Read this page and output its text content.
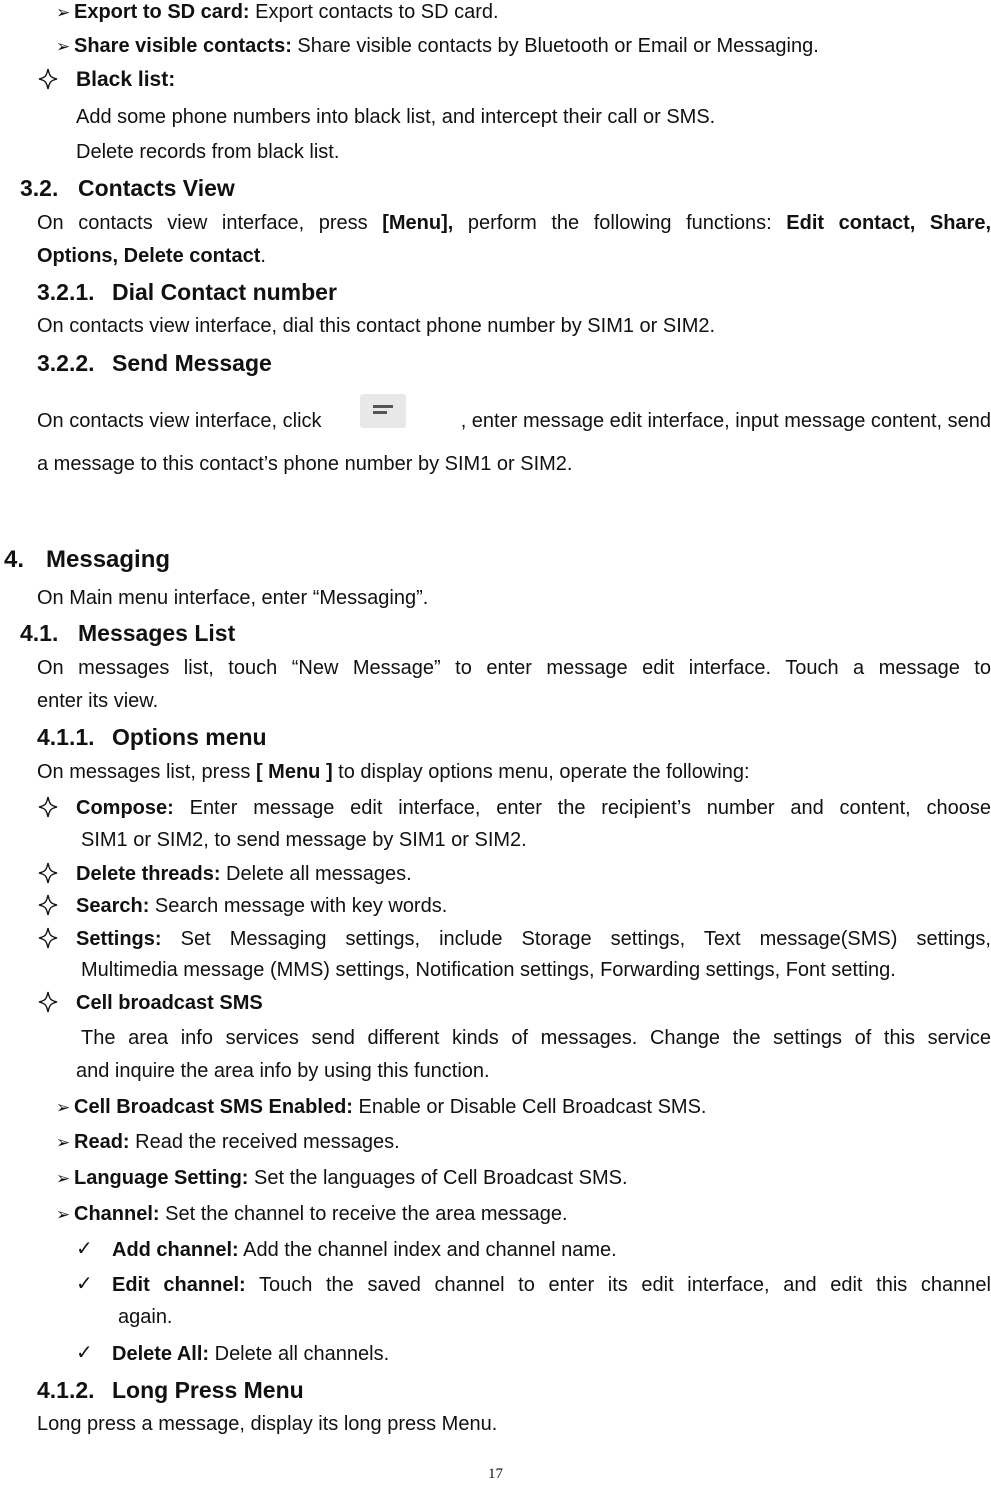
➢ Export to SD card: Export contacts to SD card.
➢ Share visible contacts: Share visible contacts by Bluetooth or Email or Messaging.
Black list:
Add some phone numbers into black list, and intercept their call or SMS.
Delete records from black list.
3.2. Contacts View
On contacts view interface, press [Menu], perform the following functions: Edit contact, Share,
Options, Delete contact.
3.2.1. Dial Contact number
On contacts view interface, dial this contact phone number by SIM1 or SIM2.
3.2.2. Send Message
On contacts view interface, click	, enter message edit interface, input message content, send
a message to this contact’s phone number by SIM1 or SIM2.
4. Messaging
On Main menu interface, enter “Messaging”.
4.1. Messages List
On messages list, touch “New Message” to enter message edit interface. Touch a message to
enter its view.
4.1.1. Options menu
On messages list, press [ Menu ] to display options menu, operate the following:
Compose: Enter message edit interface, enter the recipient’s number and content, choose
SIM1 or SIM2, to send message by SIM1 or SIM2.
Delete threads: Delete all messages.
Search: Search message with key words.
Settings: Set Messaging settings, include Storage settings, Text message(SMS) settings,
Multimedia message (MMS) settings, Notification settings, Forwarding settings, Font setting.
Cell broadcast SMS
The area info services send different kinds of messages. Change the settings of this service
and inquire the area info by using this function.
➢ Cell Broadcast SMS Enabled: Enable or Disable Cell Broadcast SMS.
➢ Read: Read the received messages.
➢ Language Setting: Set the languages of Cell Broadcast SMS.
➢ Channel: Set the channel to receive the area message.
✓ Add channel: Add the channel index and channel name.
✓ Edit channel: Touch the saved channel to enter its edit interface, and edit this channel
again.
✓ Delete All: Delete all channels.
4.1.2. Long Press Menu
Long press a message, display its long press Menu.
17
